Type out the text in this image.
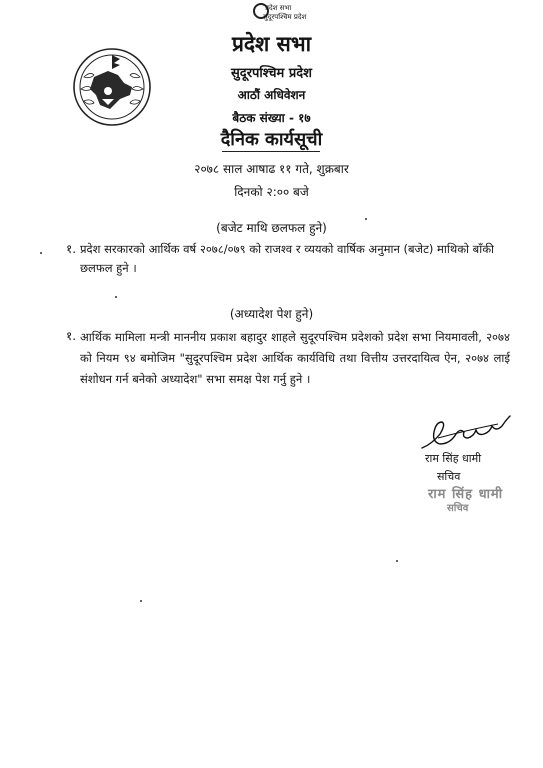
प्रदेश सभा
सुदूरपश्चिम प्रदेश
प्रदेश सभा
सुदूरपश्चिम प्रदेश
आठौं अधिवेशन
बैठक संख्या - १७
दैनिक कार्यसूची
२०७८ साल आषाढ ११ गते, शुक्रबार
दिनको २:०० बजे
(बजेट माथि छलफल हुने)
१. प्रदेश सरकारको आर्थिक वर्ष २०७८/०७९ को राजश्व र व्ययको वार्षिक अनुमान (बजेट) माथिको बाँकी छलफल हुने ।
(अध्यादेश पेश हुने)
१. आर्थिक मामिला मन्त्री माननीय प्रकाश बहादुर शाहले सुदूरपश्चिम प्रदेशको प्रदेश सभा नियमावली, २०७४ को नियम ९४ बमोजिम "सुदूरपश्चिम प्रदेश आर्थिक कार्यविधि तथा वित्तीय उत्तरदायित्व ऐन, २०७४ लाई संशोधन गर्न बनेको अध्यादेश" सभा समक्ष पेश गर्नु हुने ।
राम सिंह धामी
सचिव
राम सिंह धामी
सचिव
